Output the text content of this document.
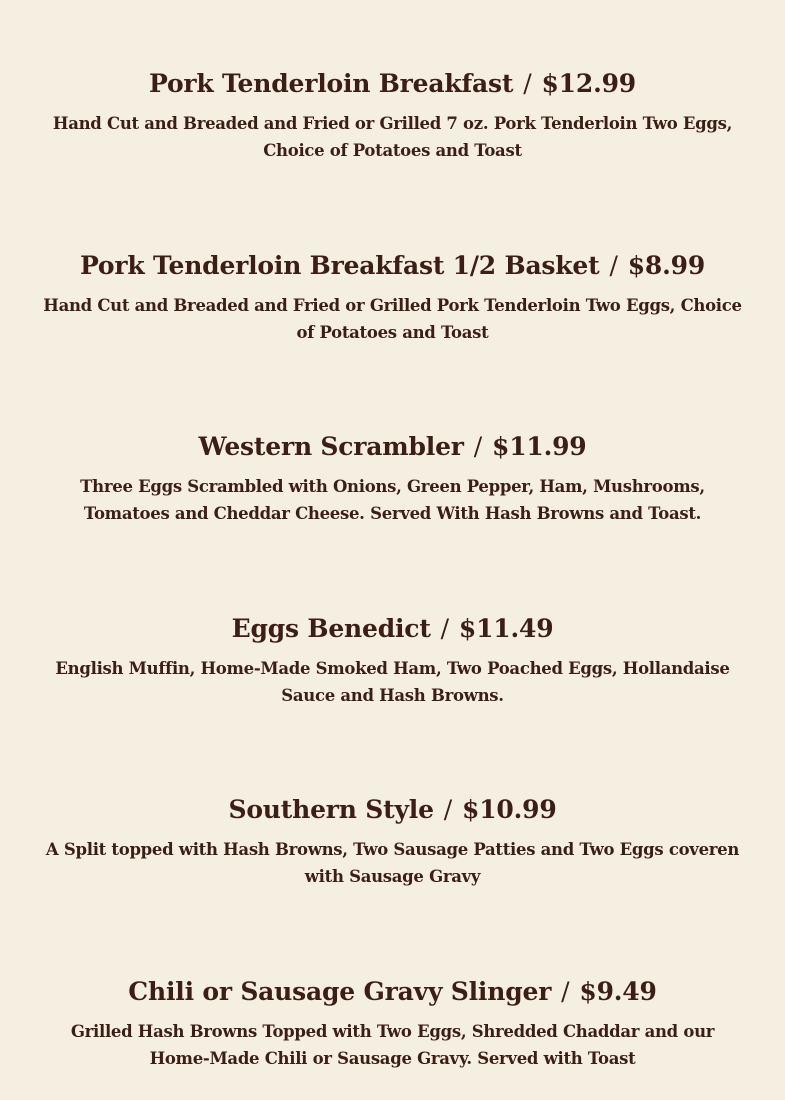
Pork Tenderloin Breakfast / $12.99

Hand Cut and Breaded and Fried or Grilled 7 oz. Pork Tenderloin Two Eggs, Choice of Potatoes and Toast

Pork Tenderloin Breakfast 1/2 Basket / $8.99

Hand Cut and Breaded and Fried or Grilled Pork Tenderloin Two Eggs, Choice of Potatoes and Toast

Western Scrambler / $11.99

Three Eggs Scrambled with Onions, Green Pepper, Ham, Mushrooms, Tomatoes and Cheddar Cheese. Served With Hash Browns and Toast.

Eggs Benedict / $11.49

English Muffin, Home-Made Smoked Ham, Two Poached Eggs, Hollandaise Sauce and Hash Browns.

Southern Style / $10.99

A Split topped with Hash Browns, Two Sausage Patties and Two Eggs coveren with Sausage Gravy

Chili or Sausage Gravy Slinger / $9.49

Grilled Hash Browns Topped with Two Eggs, Shredded Chaddar and our Home-Made Chili or Sausage Gravy. Served with Toast
